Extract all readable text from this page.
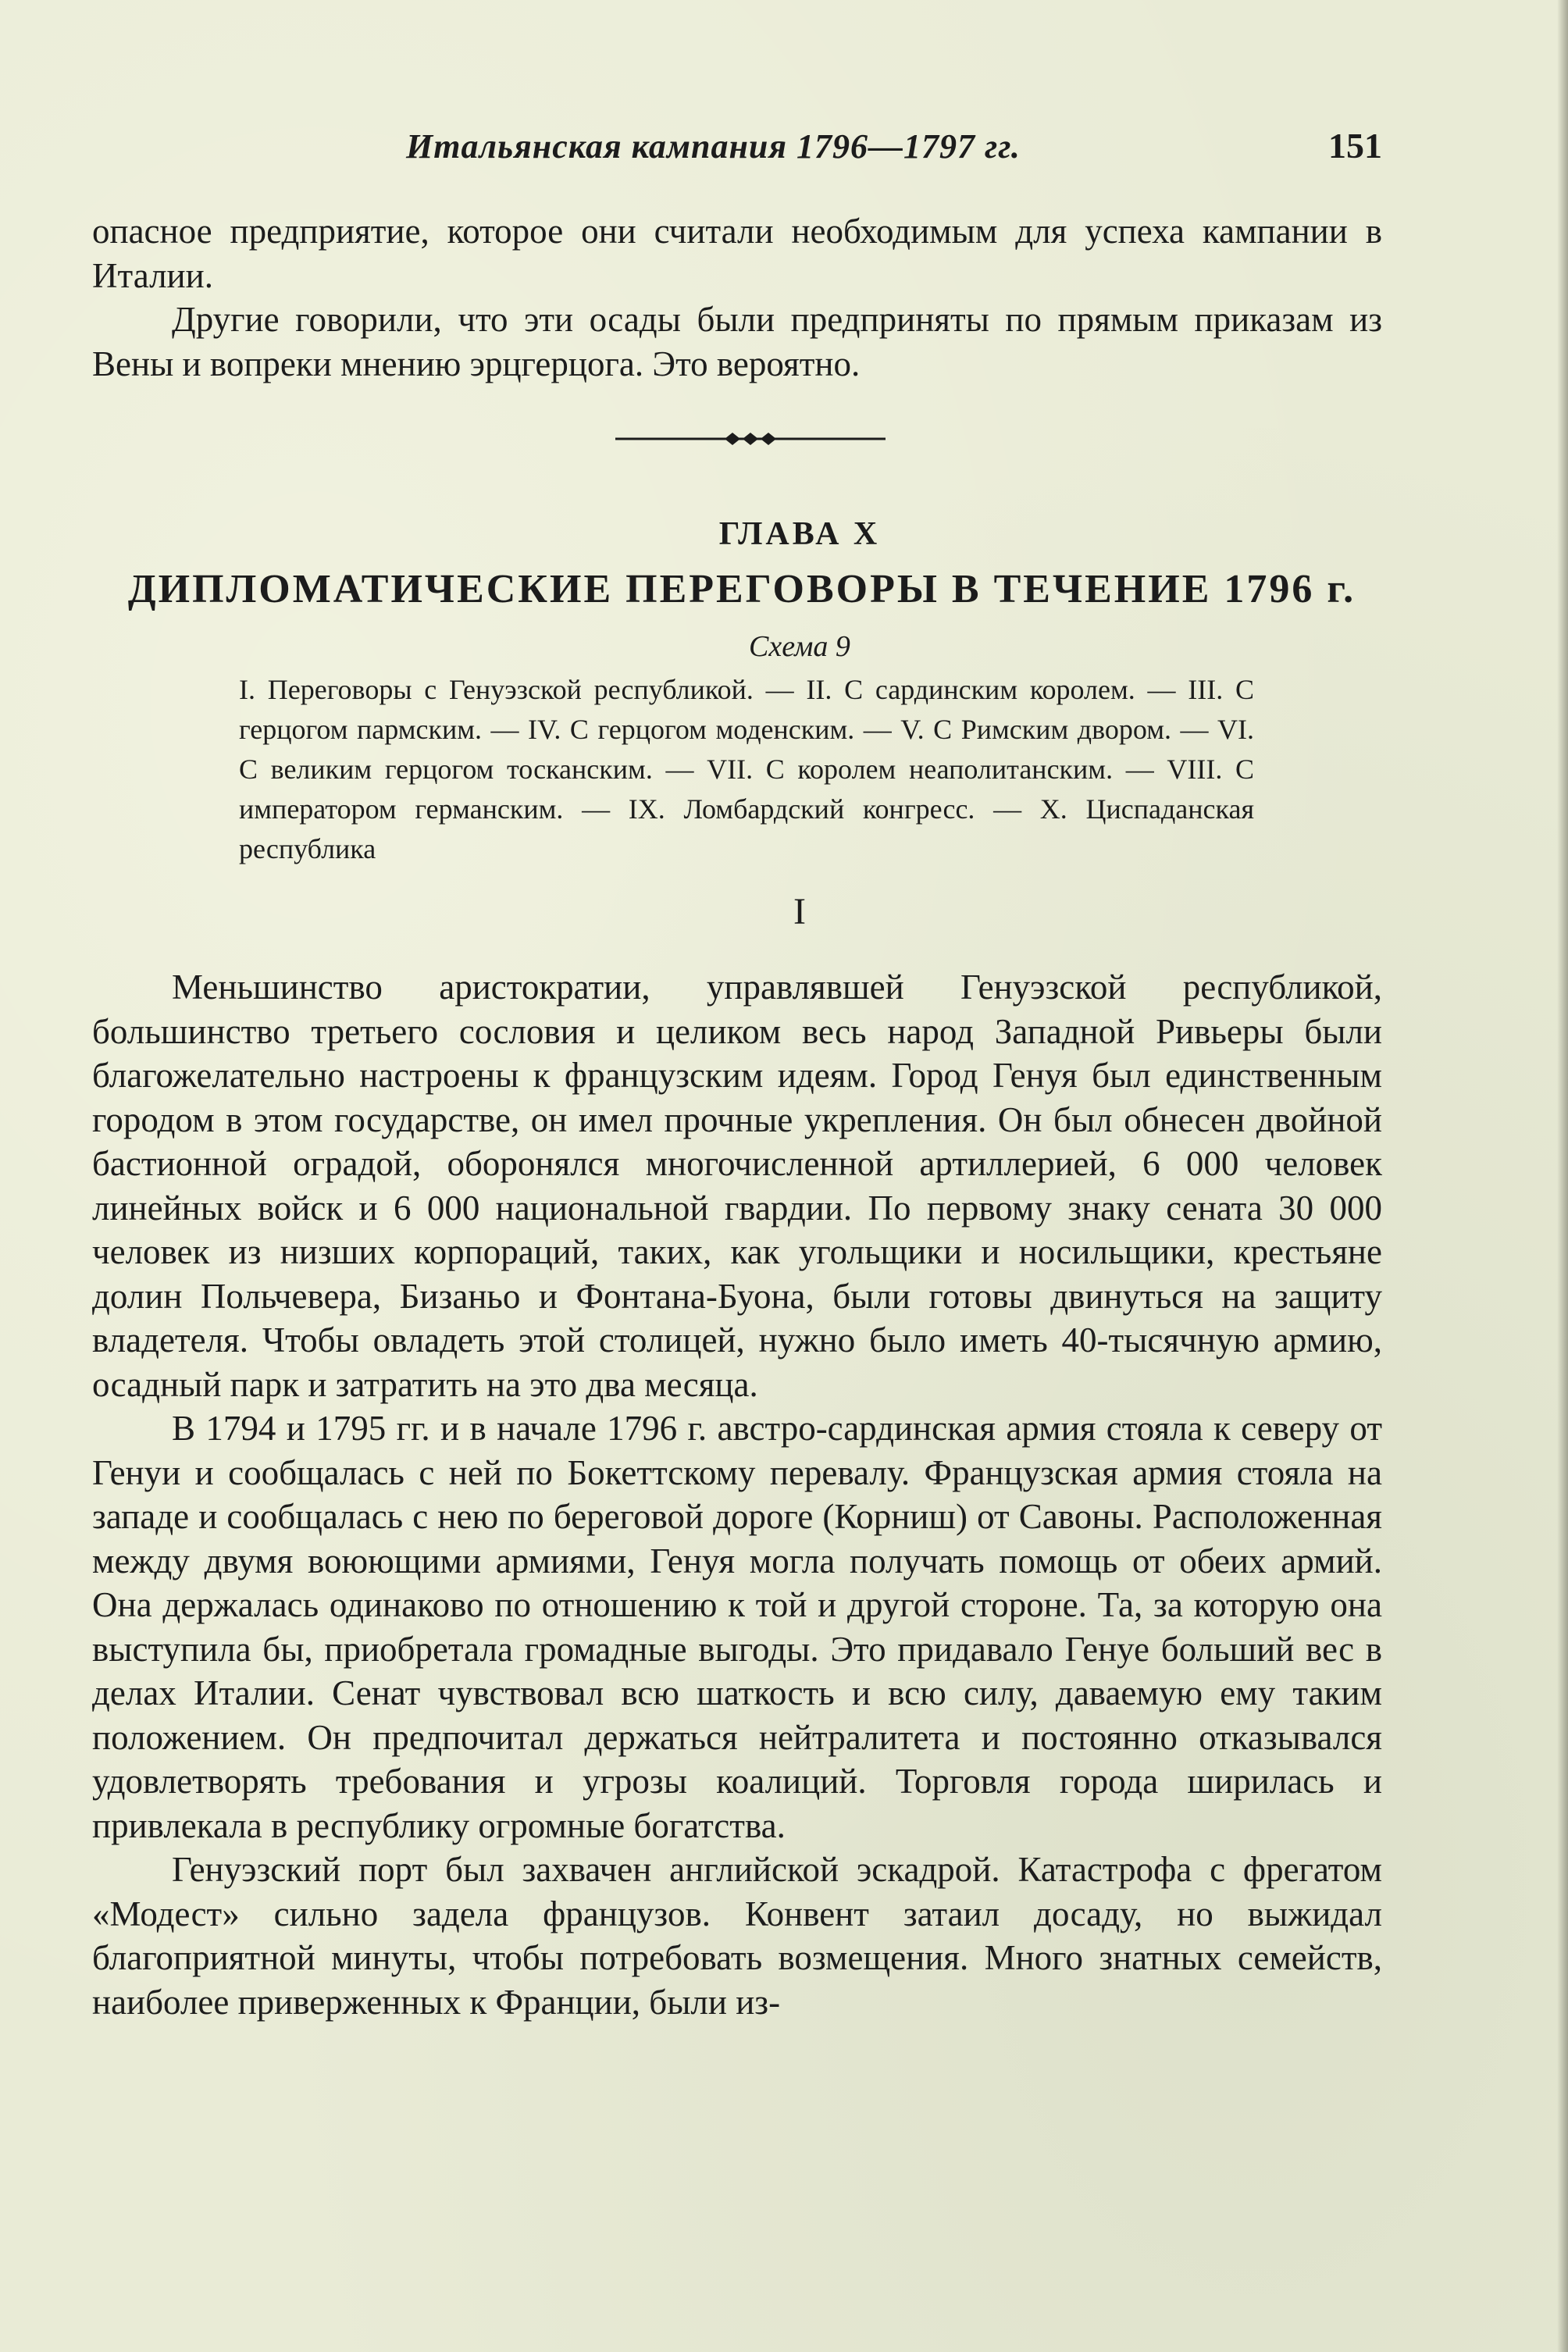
Итальянская кампания 1796—1797 гг.	151

опасное предприятие, которое они считали необходимым для успеха кампании в Италии.

Другие говорили, что эти осады были предприняты по прямым приказам из Вены и вопреки мнению эрцгерцога. Это вероятно.

ГЛАВА X
ДИПЛОМАТИЧЕСКИЕ ПЕРЕГОВОРЫ В ТЕЧЕНИЕ 1796 г.
Схема 9

I. Переговоры с Генуэзской республикой. — II. С сардинским королем. — III. С герцогом пармским. — IV. С герцогом моденским. — V. С Римским двором. — VI. С великим герцогом тосканским. — VII. С королем неаполитанским. — VIII. С императором германским. — IX. Ломбардский конгресс. — X. Циспаданская республика

I

Меньшинство аристократии, управлявшей Генуэзской республикой, большинство третьего сословия и целиком весь народ Западной Ривьеры были благожелательно настроены к французским идеям. Город Генуя был единственным городом в этом государстве, он имел прочные укрепления. Он был обнесен двойной бастионной оградой, оборонялся многочисленной артиллерией, 6 000 человек линейных войск и 6 000 национальной гвардии. По первому знаку сената 30 000 человек из низших корпораций, таких, как угольщики и носильщики, крестьяне долин Польчевера, Бизаньо и Фонтана-Буона, были готовы двинуться на защиту владетеля. Чтобы овладеть этой столицей, нужно было иметь 40-тысячную армию, осадный парк и затратить на это два месяца.

В 1794 и 1795 гг. и в начале 1796 г. австро-сардинская армия стояла к северу от Генуи и сообщалась с ней по Бокеттскому перевалу. Французская армия стояла на западе и сообщалась с нею по береговой дороге (Корниш) от Савоны. Расположенная между двумя воюющими армиями, Генуя могла получать помощь от обеих армий. Она держалась одинаково по отношению к той и другой стороне. Та, за которую она выступила бы, приобретала громадные выгоды. Это придавало Генуе больший вес в делах Италии. Сенат чувствовал всю шаткость и всю силу, даваемую ему таким положением. Он предпочитал держаться нейтралитета и постоянно отказывался удовлетворять требования и угрозы коалиций. Торговля города ширилась и привлекала в республику огромные богатства.

Генуэзский порт был захвачен английской эскадрой. Катастрофа с фрегатом «Модест» сильно задела французов. Конвент затаил досаду, но выжидал благоприятной минуты, чтобы потребовать возмещения. Много знатных семейств, наиболее приверженных к Франции, были из-
